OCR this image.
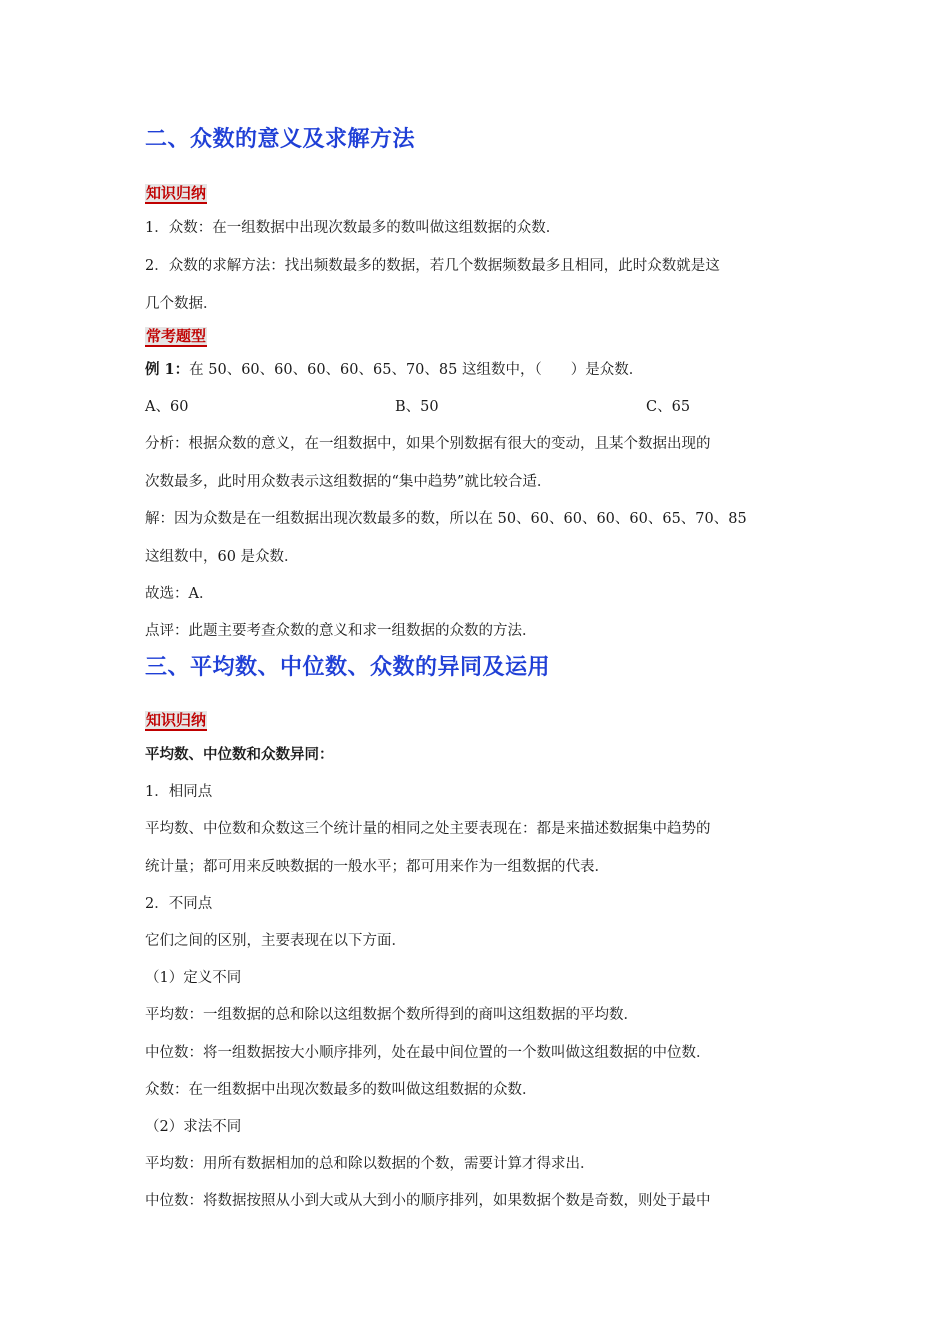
二、众数的意义及求解方法
知识归纳
1．众数：在一组数据中出现次数最多的数叫做这组数据的众数．
2．众数的求解方法：找出频数最多的数据，若几个数据频数最多且相同，此时众数就是这
几个数据．
常考题型
例 1：在 50、60、60、60、60、65、70、85 这组数中，（　　）是众数．
A、60	B、50	C、65
分析：根据众数的意义，在一组数据中，如果个别数据有很大的变动，且某个数据出现的
次数最多，此时用众数表示这组数据的“集中趋势”就比较合适．
解：因为众数是在一组数据出现次数最多的数，所以在 50、60、60、60、60、65、70、85
这组数中，60 是众数．
故选：A．
点评：此题主要考查众数的意义和求一组数据的众数的方法．
三、平均数、中位数、众数的异同及运用
知识归纳
平均数、中位数和众数异同：
1．相同点
平均数、中位数和众数这三个统计量的相同之处主要表现在：都是来描述数据集中趋势的
统计量；都可用来反映数据的一般水平；都可用来作为一组数据的代表．
2．不同点
它们之间的区别，主要表现在以下方面．
（1）定义不同
平均数：一组数据的总和除以这组数据个数所得到的商叫这组数据的平均数．
中位数：将一组数据按大小顺序排列，处在最中间位置的一个数叫做这组数据的中位数．
众数：在一组数据中出现次数最多的数叫做这组数据的众数．
（2）求法不同
平均数：用所有数据相加的总和除以数据的个数，需要计算才得求出．
中位数：将数据按照从小到大或从大到小的顺序排列，如果数据个数是奇数，则处于最中
